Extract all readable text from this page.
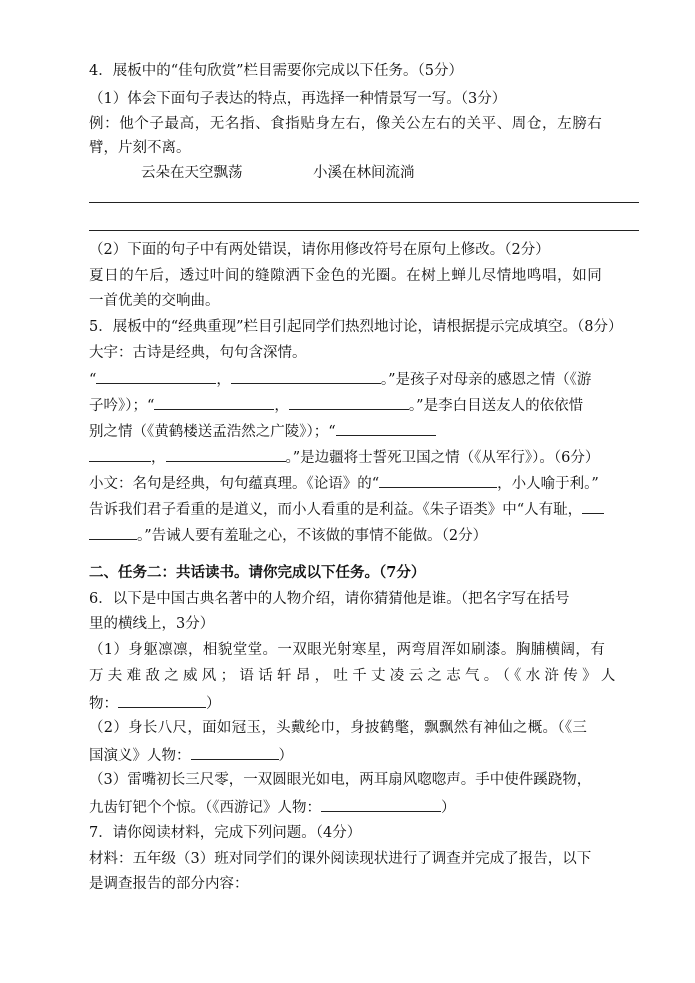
4．展板中的“佳句欣赏”栏目需要你完成以下任务。（5分）
（1）体会下面句子表达的特点，再选择一种情景写一写。（3分）
例：他个子最高，无名指、食指贴身左右，像关公左右的关平、周仓，左膀右
臂，片刻不离。
云朵在天空飘荡	小溪在林间流淌
（2）下面的句子中有两处错误，请你用修改符号在原句上修改。（2分）
夏日的午后，透过叶间的缝隙洒下金色的光圈。在树上蝉儿尽情地鸣唱，如同
一首优美的交响曲。
5．展板中的“经典重现”栏目引起同学们热烈地讨论，请根据提示完成填空。（8分）
大宇：古诗是经典，句句含深情。
“	，	。”是孩子对母亲的感恩之情（《游
子吟》）；“	，	。”是李白目送友人的依依惜
别之情（《黄鹤楼送孟浩然之广陵》）；“
，	。”是边疆将士誓死卫国之情（《从军行》）。（6分）
小文：名句是经典，句句蕴真理。《论语》的“	，小人喻于利。”
告诉我们君子看重的是道义，而小人看重的是利益。《朱子语类》中“人有耻，
。”告诫人要有羞耻之心，不该做的事情不能做。（2分）
二、任务二：共话读书。请你完成以下任务。（7分）
6．以下是中国古典名著中的人物介绍，请你猜猜他是谁。（把名字写在括号
里的横线上，3分）
（1）身躯凛凛，相貌堂堂。一双眼光射寒星，两弯眉浑如刷漆。胸脯横阔，有
万夫难敌之威风；语话轩昂，吐千丈凌云之志气。（《水浒传》人
物：	）
（2）身长八尺，面如冠玉，头戴纶巾，身披鹤氅，飘飘然有神仙之概。（《三
国演义》人物：	）
（3）雷嘴初长三尺零，一双圆眼光如电，两耳扇风唿唿声。手中使件蹊跷物，
九齿钉钯个个惊。（《西游记》人物：	）
7．请你阅读材料，完成下列问题。（4分）
材料：五年级（3）班对同学们的课外阅读现状进行了调查并完成了报告，以下
是调查报告的部分内容：
